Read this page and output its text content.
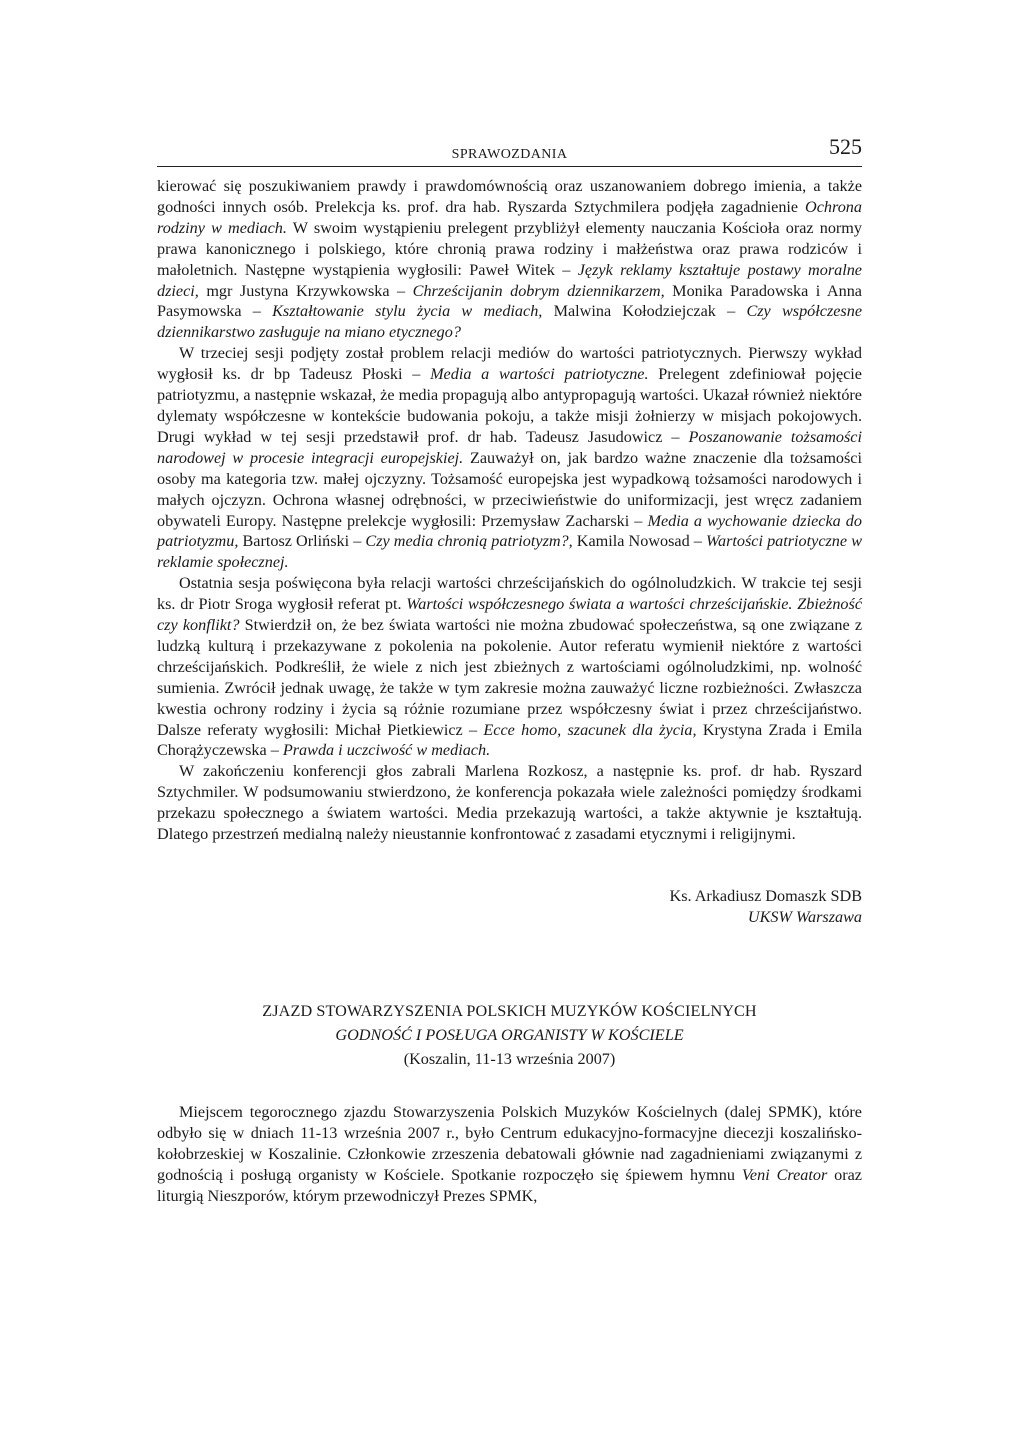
SPRAWOZDANIA	525

kierować się poszukiwaniem prawdy i prawdomównością oraz uszanowaniem dobrego imienia, a także godności innych osób. Prelekcja ks. prof. dra hab. Ryszarda Sztychmilera podjęła zagadnienie Ochrona rodziny w mediach. W swoim wystąpieniu prelegent przybliżył elementy nauczania Kościoła oraz normy prawa kanonicznego i polskiego, które chronią prawa rodziny i małżeństwa oraz prawa rodziców i małoletnich. Następne wystąpienia wygłosili: Paweł Witek – Język reklamy kształtuje postawy moralne dzieci, mgr Justyna Krzywkowska – Chrześcijanin dobrym dziennikarzem, Monika Paradowska i Anna Pasymowska – Kształtowanie stylu życia w mediach, Malwina Kołodziejczak – Czy współczesne dziennikarstwo zasługuje na miano etycznego?

W trzeciej sesji podjęty został problem relacji mediów do wartości patriotycznych. Pierwszy wykład wygłosił ks. dr bp Tadeusz Płoski – Media a wartości patriotyczne. Prelegent zdefiniował pojęcie patriotyzmu, a następnie wskazał, że media propagują albo antypropagują wartości. Ukazał również niektóre dylematy współczesne w kontekście budowania pokoju, a także misji żołnierzy w misjach pokojowych. Drugi wykład w tej sesji przedstawił prof. dr hab. Tadeusz Jasudowicz – Poszanowanie tożsamości narodowej w procesie integracji europejskiej. Zauważył on, jak bardzo ważne znaczenie dla tożsamości osoby ma kategoria tzw. małej ojczyzny. Tożsamość europejska jest wypadkową tożsamości narodowych i małych ojczyzn. Ochrona własnej odrębności, w przeciwieństwie do uniformizacji, jest wręcz zadaniem obywateli Europy. Następne prelekcje wygłosili: Przemysław Zacharski – Media a wychowanie dziecka do patriotyzmu, Bartosz Orliński – Czy media chronią patriotyzm?, Kamila Nowosad – Wartości patriotyczne w reklamie społecznej.

Ostatnia sesja poświęcona była relacji wartości chrześcijańskich do ogólnoludzkich. W trakcie tej sesji ks. dr Piotr Sroga wygłosił referat pt. Wartości współczesnego świata a wartości chrześcijańskie. Zbieżność czy konflikt? Stwierdził on, że bez świata wartości nie można zbudować społeczeństwa, są one związane z ludzką kulturą i przekazywane z pokolenia na pokolenie. Autor referatu wymienił niektóre z wartości chrześcijańskich. Podkreślił, że wiele z nich jest zbieżnych z wartościami ogólnoludzkimi, np. wolność sumienia. Zwrócił jednak uwagę, że także w tym zakresie można zauważyć liczne rozbieżności. Zwłaszcza kwestia ochrony rodziny i życia są różnie rozumiane przez współczesny świat i przez chrześcijaństwo. Dalsze referaty wygłosili: Michał Pietkiewicz – Ecce homo, szacunek dla życia, Krystyna Zrada i Emila Chorążyczewska – Prawda i uczciwość w mediach.

W zakończeniu konferencji głos zabrali Marlena Rozkosz, a następnie ks. prof. dr hab. Ryszard Sztychmiler. W podsumowaniu stwierdzono, że konferencja pokazała wiele zależności pomiędzy środkami przekazu społecznego a światem wartości. Media przekazują wartości, a także aktywnie je kształtują. Dlatego przestrzeń medialną należy nieustannie konfrontować z zasadami etycznymi i religijnymi.

Ks. Arkadiusz Domaszk SDB
UKSW Warszawa
ZJAZD STOWARZYSZENIA POLSKICH MUZYKÓW KOŚCIELNYCH
GODNOŚĆ I POSŁUGA ORGANISTY W KOŚCIELE
(Koszalin, 11-13 września 2007)

Miejscem tegorocznego zjazdu Stowarzyszenia Polskich Muzyków Kościelnych (dalej SPMK), które odbyło się w dniach 11-13 września 2007 r., było Centrum edukacyjno-formacyjne diecezji koszalińsko-kołobrzeskiej w Koszalinie. Członkowie zrzeszenia debatowali głównie nad zagadnieniami związanymi z godnością i posługą organisty w Kościele. Spotkanie rozpoczęło się śpiewem hymnu Veni Creator oraz liturgią Nieszporów, którym przewodniczył Prezes SPMK,
